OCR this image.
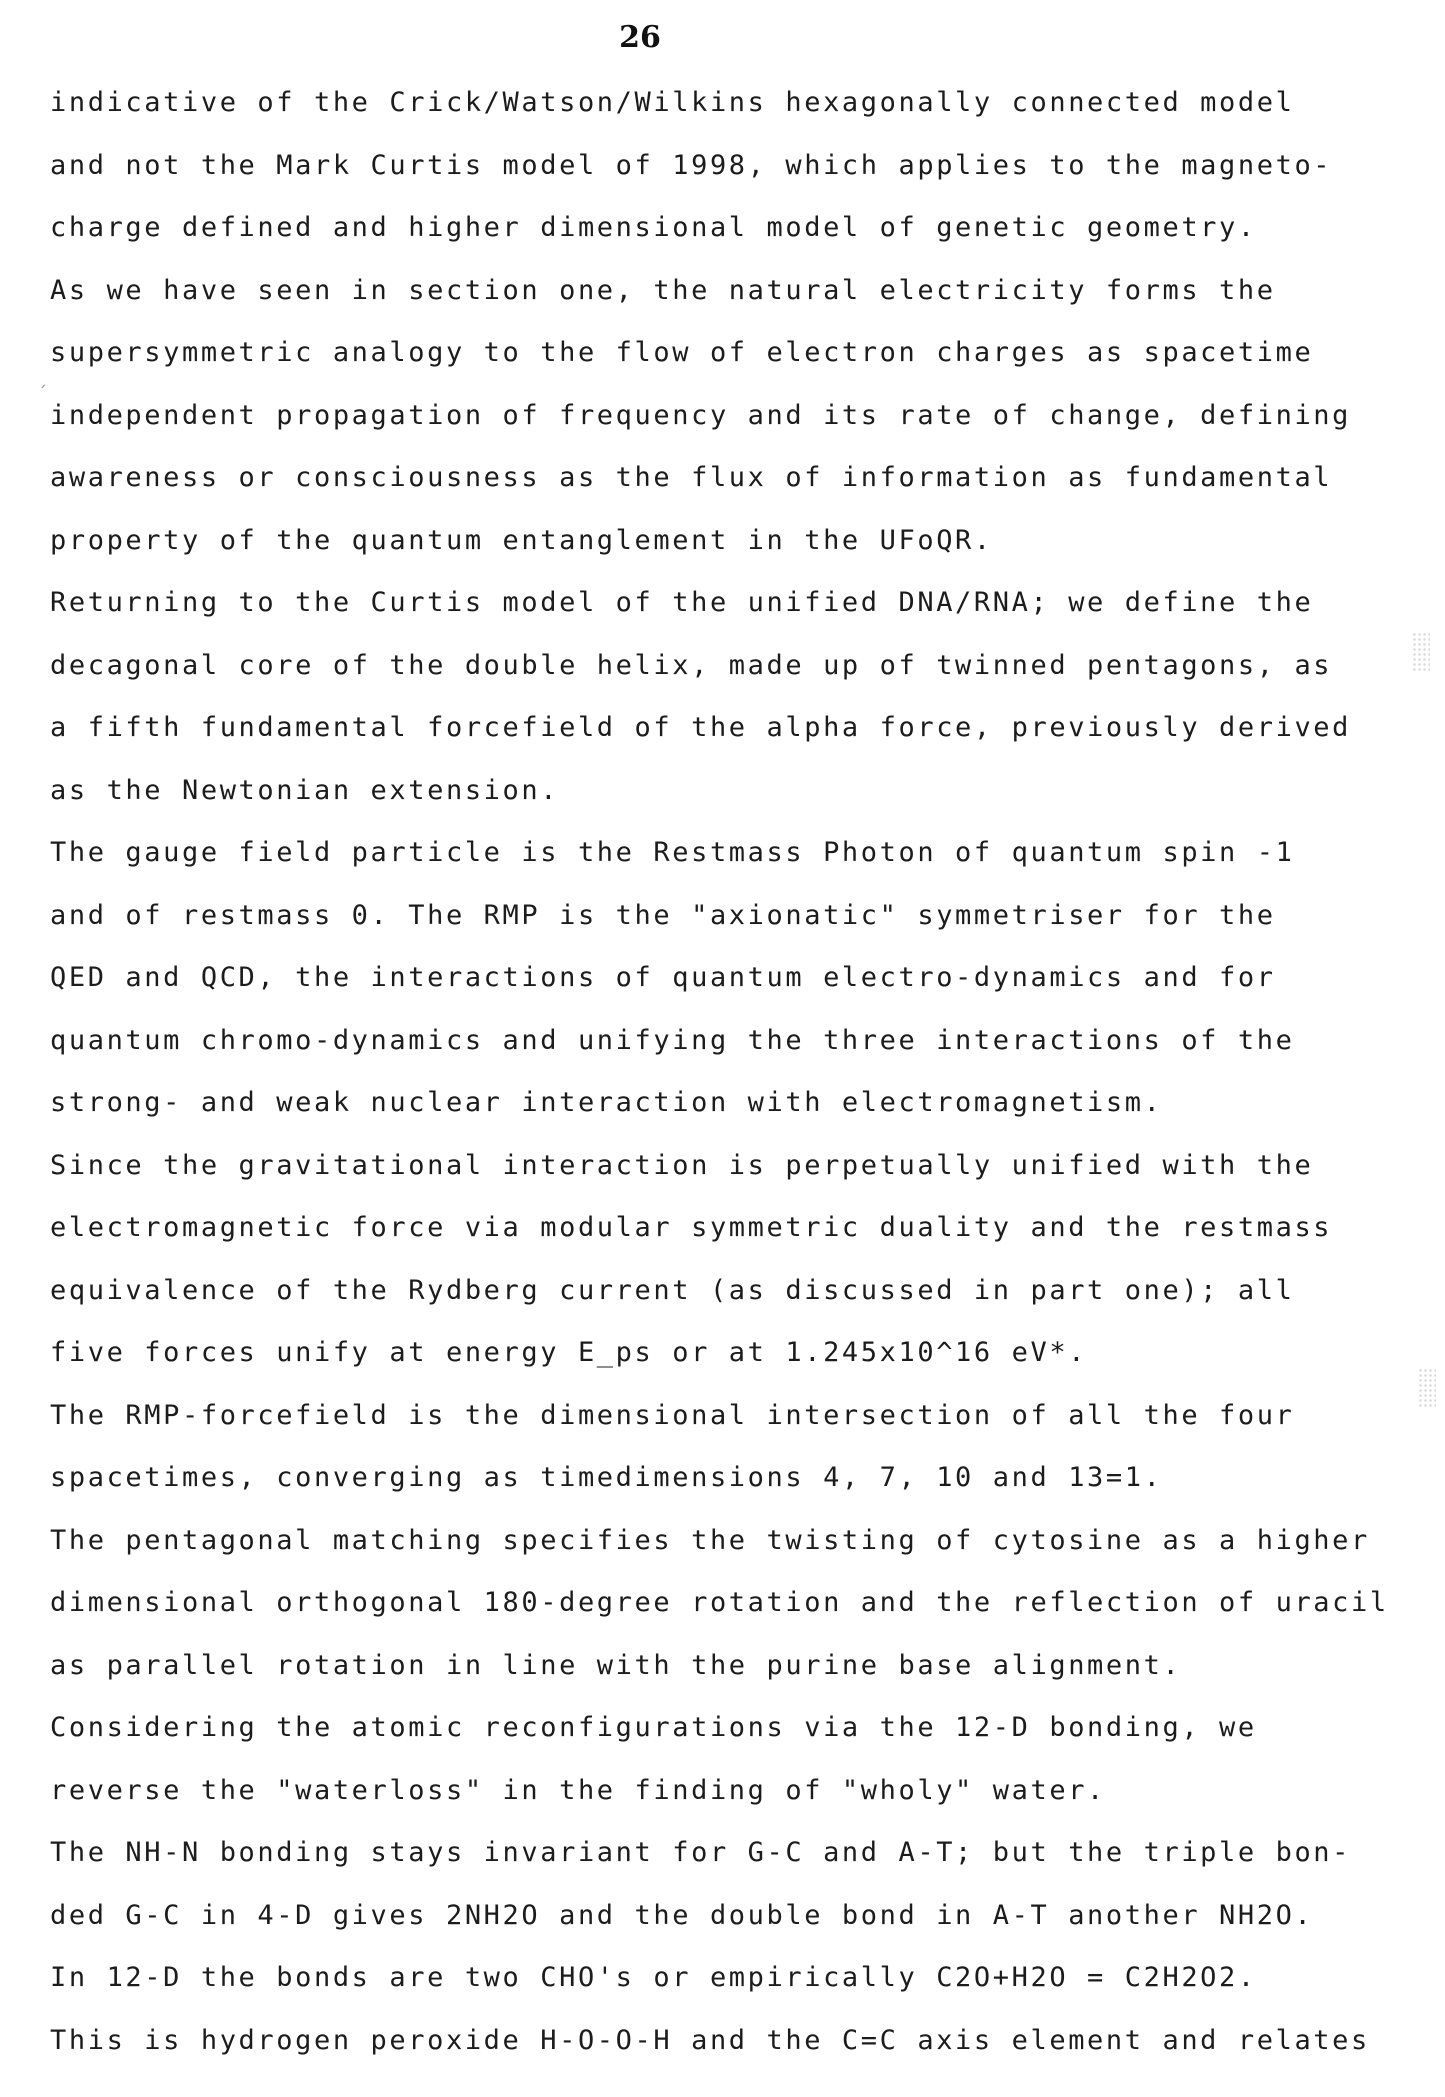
26
indicative of the Crick/Watson/Wilkins hexagonally connected model
and not the Mark Curtis model of 1998, which applies to the magneto-
charge defined and higher dimensional model of genetic geometry.
As we have seen in section one, the natural electricity forms the
supersymmetric analogy to the flow of electron charges as spacetime
independent propagation of frequency and its rate of change, defining
awareness or consciousness as the flux of information as fundamental
property of the quantum entanglement in the UFoQR.
Returning to the Curtis model of the unified DNA/RNA; we define the
decagonal core of the double helix, made up of twinned pentagons, as
a fifth fundamental forcefield of the alpha force, previously derived
as the Newtonian extension.
The gauge field particle is the Restmass Photon of quantum spin -1
and of restmass 0. The RMP is the "axionatic" symmetriser for the
QED and QCD, the interactions of quantum electro-dynamics and for
quantum chromo-dynamics and unifying the three interactions of the
strong- and weak nuclear interaction with electromagnetism.
Since the gravitational interaction is perpetually unified with the
electromagnetic force via modular symmetric duality and the restmass
equivalence of the Rydberg current (as discussed in part one); all
five forces unify at energy E_ps or at 1.245x10^16 eV*.
The RMP-forcefield is the dimensional intersection of all the four
spacetimes, converging as timedimensions 4, 7, 10 and 13=1.
The pentagonal matching specifies the twisting of cytosine as a higher
dimensional orthogonal 180-degree rotation and the reflection of uracil
as parallel rotation in line with the purine base alignment.
Considering the atomic reconfigurations via the 12-D bonding, we
reverse the "waterloss" in the finding of "wholy" water.
The NH-N bonding stays invariant for G-C and A-T; but the triple bon-
ded G-C in 4-D gives 2NH2O and the double bond in A-T another NH2O.
In 12-D the bonds are two CHO's or empirically C2O+H2O = C2H2O2.
This is hydrogen peroxide H-O-O-H and the C=C axis element and relates
ˏ
